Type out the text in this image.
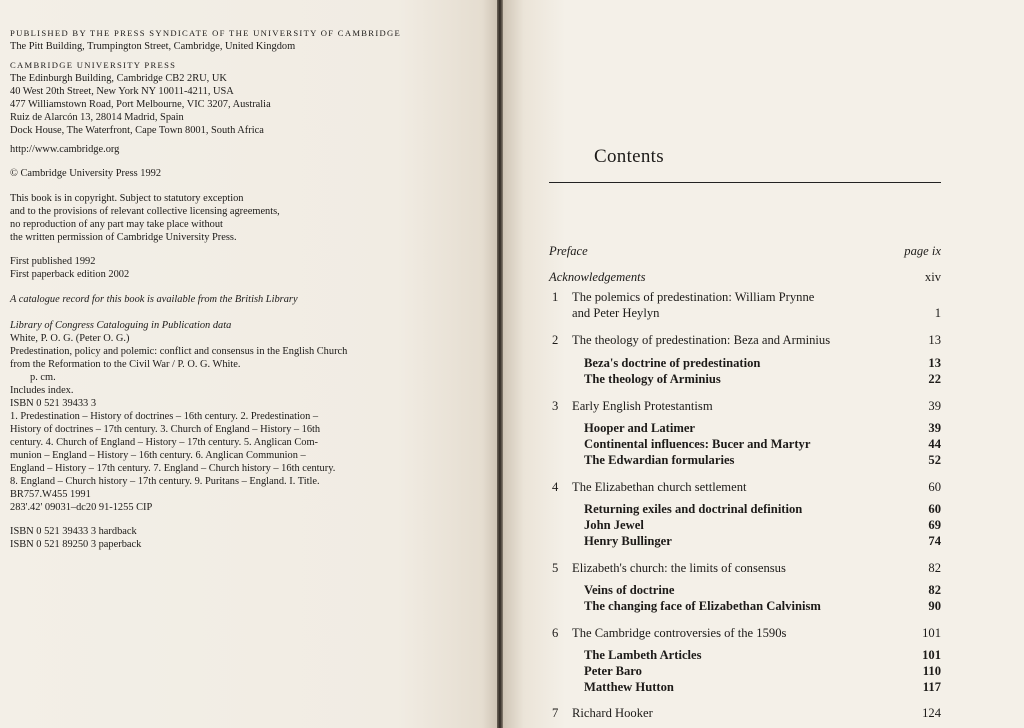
PUBLISHED BY THE PRESS SYNDICATE OF THE UNIVERSITY OF CAMBRIDGE
The Pitt Building, Trumpington Street, Cambridge, United Kingdom
CAMBRIDGE UNIVERSITY PRESS
The Edinburgh Building, Cambridge CB2 2RU, UK
40 West 20th Street, New York NY 10011-4211, USA
477 Williamstown Road, Port Melbourne, VIC 3207, Australia
Ruiz de Alarcón 13, 28014 Madrid, Spain
Dock House, The Waterfront, Cape Town 8001, South Africa
http://www.cambridge.org
© Cambridge University Press 1992
This book is in copyright. Subject to statutory exception
and to the provisions of relevant collective licensing agreements,
no reproduction of any part may take place without
the written permission of Cambridge University Press.
First published 1992
First paperback edition 2002
A catalogue record for this book is available from the British Library
Library of Congress Cataloguing in Publication data
White, P. O. G. (Peter O. G.)
Predestination, policy and polemic: conflict and consensus in the English Church
from the Reformation to the Civil War / P. O. G. White.
p. cm.
Includes index.
ISBN 0 521 39433 3
1. Predestination – History of doctrines – 16th century. 2. Predestination –
History of doctrines – 17th century. 3. Church of England – History – 16th
century. 4. Church of England – History – 17th century. 5. Anglican Com-
munion – England – History – 16th century. 6. Anglican Communion –
England – History – 17th century. 7. England – Church history – 16th century.
8. England – Church history – 17th century. 9. Puritans – England. I. Title.
BR757.W455 1991
283'.42' 09031–dc20 91-1255 CIP
ISBN 0 521 39433 3 hardback
ISBN 0 521 89250 3 paperback
Contents
Preface	page ix
Acknowledgements	xiv
1 The polemics of predestination: William Prynne
and Peter Heylyn	1
2 The theology of predestination: Beza and Arminius	13
Beza's doctrine of predestination	13
The theology of Arminius	22
3 Early English Protestantism	39
Hooper and Latimer	39
Continental influences: Bucer and Martyr	44
The Edwardian formularies	52
4 The Elizabethan church settlement	60
Returning exiles and doctrinal definition	60
John Jewel	69
Henry Bullinger	74
5 Elizabeth's church: the limits of consensus	82
Veins of doctrine	82
The changing face of Elizabethan Calvinism	90
6 The Cambridge controversies of the 1590s	101
The Lambeth Articles	101
Peter Baro	110
Matthew Hutton	117
7 Richard Hooker	124
